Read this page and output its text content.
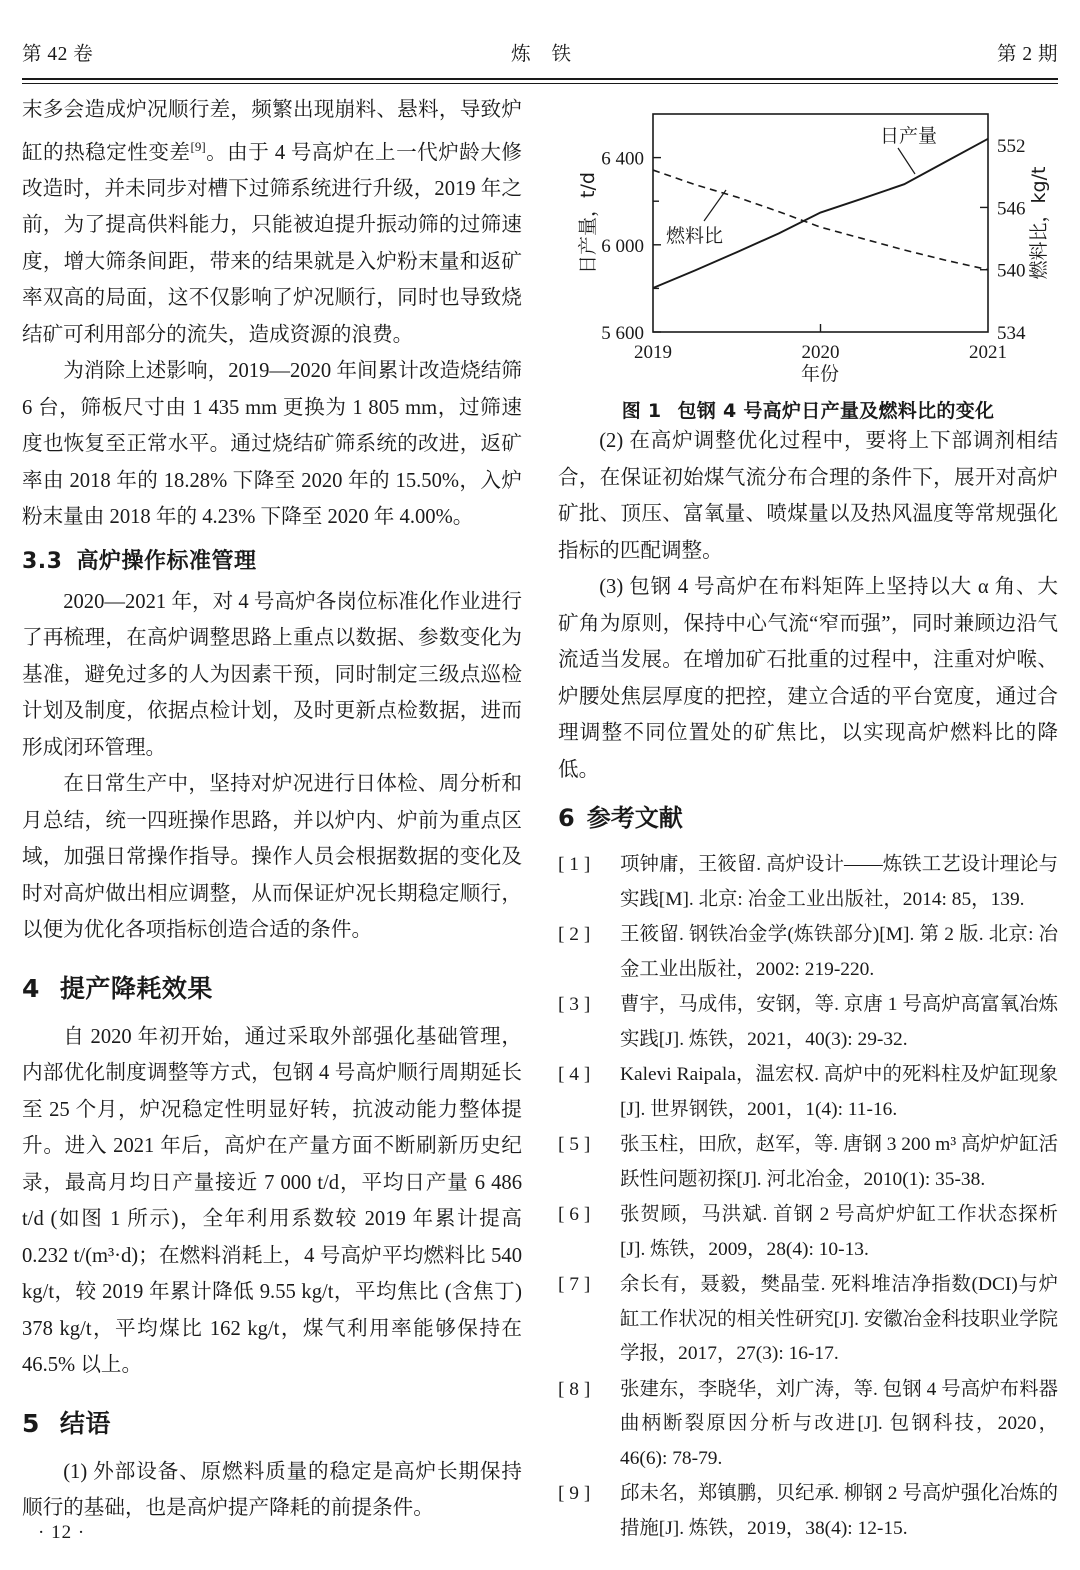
第 42 卷	炼 铁	第 2 期

末多会造成炉况顺行差，频繁出现崩料、悬料，导致炉缸的热稳定性变差[9]。由于 4 号高炉在上一代炉龄大修改造时，并未同步对槽下过筛系统进行升级，2019 年之前，为了提高供料能力，只能被迫提升振动筛的过筛速度，增大筛条间距，带来的结果就是入炉粉末量和返矿率双高的局面，这不仅影响了炉况顺行，同时也导致烧结矿可利用部分的流失，造成资源的浪费。

为消除上述影响，2019—2020 年间累计改造烧结筛 6 台，筛板尺寸由 1 435 mm 更换为 1 805 mm，过筛速度也恢复至正常水平。通过烧结矿筛系统的改进，返矿率由 2018 年的 18.28% 下降至 2020 年的 15.50%，入炉粉末量由 2018 年的 4.23% 下降至 2020 年 4.00%。

3.3 高炉操作标准管理

2020—2021 年，对 4 号高炉各岗位标准化作业进行了再梳理，在高炉调整思路上重点以数据、参数变化为基准，避免过多的人为因素干预，同时制定三级点巡检计划及制度，依据点检计划，及时更新点检数据，进而形成闭环管理。

在日常生产中，坚持对炉况进行日体检、周分析和月总结，统一四班操作思路，并以炉内、炉前为重点区域，加强日常操作指导。操作人员会根据数据的变化及时对高炉做出相应调整，从而保证炉况长期稳定顺行，以便为优化各项指标创造合适的条件。

4 提产降耗效果

自 2020 年初开始，通过采取外部强化基础管理，内部优化制度调整等方式，包钢 4 号高炉顺行周期延长至 25 个月，炉况稳定性明显好转，抗波动能力整体提升。进入 2021 年后，高炉在产量方面不断刷新历史纪录，最高月均日产量接近 7 000 t/d，平均日产量 6 486 t/d (如图 1 所示)，全年利用系数较 2019 年累计提高 0.232 t/(m³·d)；在燃料消耗上，4 号高炉平均燃料比 540 kg/t，较 2019 年累计降低 9.55 kg/t，平均焦比 (含焦丁) 378 kg/t，平均煤比 162 kg/t，煤气利用率能够保持在 46.5% 以上。

5 结语

(1) 外部设备、原燃料质量的稳定是高炉长期保持顺行的基础，也是高炉提产降耗的前提条件。

5 600
6 000
6 400
534
540
546
552
2019	2020	2021
燃料比
日产量
日产量，t/d	燃料比，kg/t
年份
图 1 包钢 4 号高炉日产量及燃料比的变化

(2) 在高炉调整优化过程中，要将上下部调剂相结合，在保证初始煤气流分布合理的条件下，展开对高炉矿批、顶压、富氧量、喷煤量以及热风温度等常规强化指标的匹配调整。

(3) 包钢 4 号高炉在布料矩阵上坚持以大 α 角、大矿角为原则，保持中心气流“窄而强”，同时兼顾边沿气流适当发展。在增加矿石批重的过程中，注重对炉喉、炉腰处焦层厚度的把控，建立合适的平台宽度，通过合理调整不同位置处的矿焦比，以实现高炉燃料比的降低。

6 参考文献
[ 1 ]	项钟庸，王筱留. 高炉设计——炼铁工艺设计理论与实践[M]. 北京: 冶金工业出版社，2014: 85，139.
[ 2 ]	王筱留. 钢铁冶金学(炼铁部分)[M]. 第 2 版. 北京: 冶金工业出版社，2002: 219-220.
[ 3 ]	曹宇，马成伟，安钢，等. 京唐 1 号高炉高富氧冶炼实践[J]. 炼铁，2021，40(3): 29-32.
[ 4 ]	Kalevi Raipala，温宏权. 高炉中的死料柱及炉缸现象[J]. 世界钢铁，2001，1(4): 11-16.
[ 5 ]	张玉柱，田欣，赵军，等. 唐钢 3 200 m³ 高炉炉缸活跃性问题初探[J]. 河北冶金，2010(1): 35-38.
[ 6 ]	张贺顾，马洪斌. 首钢 2 号高炉炉缸工作状态探析[J]. 炼铁，2009，28(4): 10-13.
[ 7 ]	余长有，聂毅，樊晶莹. 死料堆洁净指数(DCI)与炉缸工作状况的相关性研究[J]. 安徽冶金科技职业学院学报，2017，27(3): 16-17.
[ 8 ]	张建东，李晓华，刘广涛，等. 包钢 4 号高炉布料器曲柄断裂原因分析与改进[J]. 包钢科技，2020，46(6): 78-79.
[ 9 ]	邱未名，郑镇鹏，贝纪承. 柳钢 2 号高炉强化冶炼的措施[J]. 炼铁，2019，38(4): 12-15.
· 12 ·
